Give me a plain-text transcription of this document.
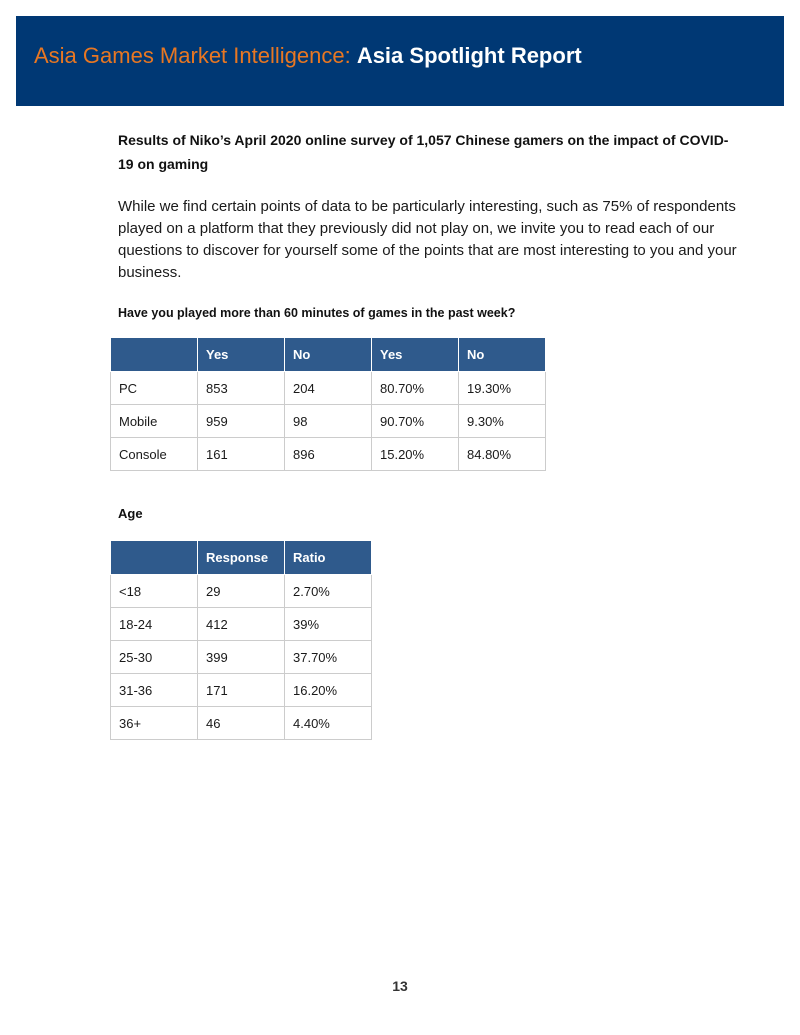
Asia Games Market Intelligence: Asia Spotlight Report

Results of Niko’s April 2020 online survey of 1,057 Chinese gamers on the impact of COVID-19 on gaming

While we find certain points of data to be particularly interesting, such as 75% of respondents played on a platform that they previously did not play on, we invite you to read each of our questions to discover for yourself some of the points that are most interesting to you and your business.

Have you played more than 60 minutes of games in the past week?

	Yes	No	Yes	No
PC	853	204	80.70%	19.30%
Mobile	959	98	90.70%	9.30%
Console	161	896	15.20%	84.80%
Age
	Response	Ratio
<18	29	2.70%
18-24	412	39%
25-30	399	37.70%
31-36	171	16.20%
36+	46	4.40%
13
